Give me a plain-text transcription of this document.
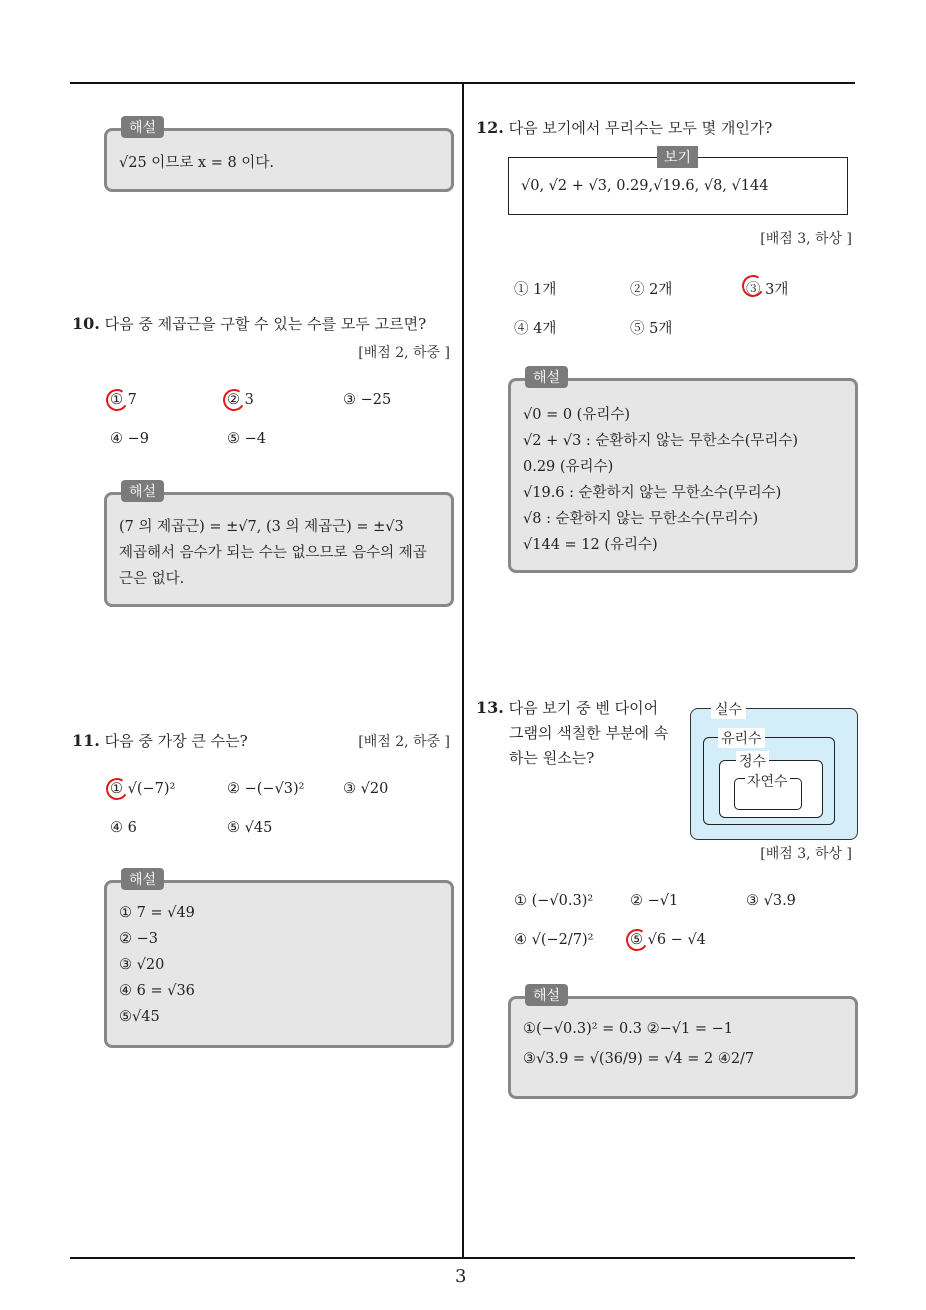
3
해설
√25 이므로 x = 8 이다.
10. 다음 중 제곱근을 구할 수 있는 수를 모두 고르면?
[배점 2, 하중 ]
① 7	② 3	③ −25
④ −9	⑤ −4
해설
(7 의 제곱근) = ±√7, (3 의 제곱근) = ±√3
제곱해서 음수가 되는 수는 없으므로 음수의 제곱
근은 없다.
11. 다음 중 가장 큰 수는?	[배점 2, 하중 ]
① √(−7)²	② −(−√3)²	③ √20
④ 6	⑤ √45
해설
① 7 = √49
② −3
③ √20
④ 6 = √36
⑤√45
12. 다음 보기에서 무리수는 모두 몇 개인가?
보기
√0, √2 + √3, 0.29,√19.6, √8, √144
[배점 3, 하상 ]
① 1개	② 2개	③ 3개
④ 4개	⑤ 5개
해설
√0 = 0 (유리수)
√2 + √3 : 순환하지 않는 무한소수(무리수)
0.29 (유리수)
√19.6 : 순환하지 않는 무한소수(무리수)
√8 : 순환하지 않는 무한소수(무리수)
√144 = 12 (유리수)
13. 다음 보기 중 벤 다이어
그램의 색칠한 부분에 속
하는 원소는?
실수
유리수
정수
자연수
[배점 3, 하상 ]
① (−√0.3)²	② −√1	③ √3.9
④ √(−2/7)²	⑤ √6 − √4
해설
①(−√0.3)² = 0.3 ②−√1 = −1
③√3.9 = √(36/9) = √4 = 2 ④2/7
